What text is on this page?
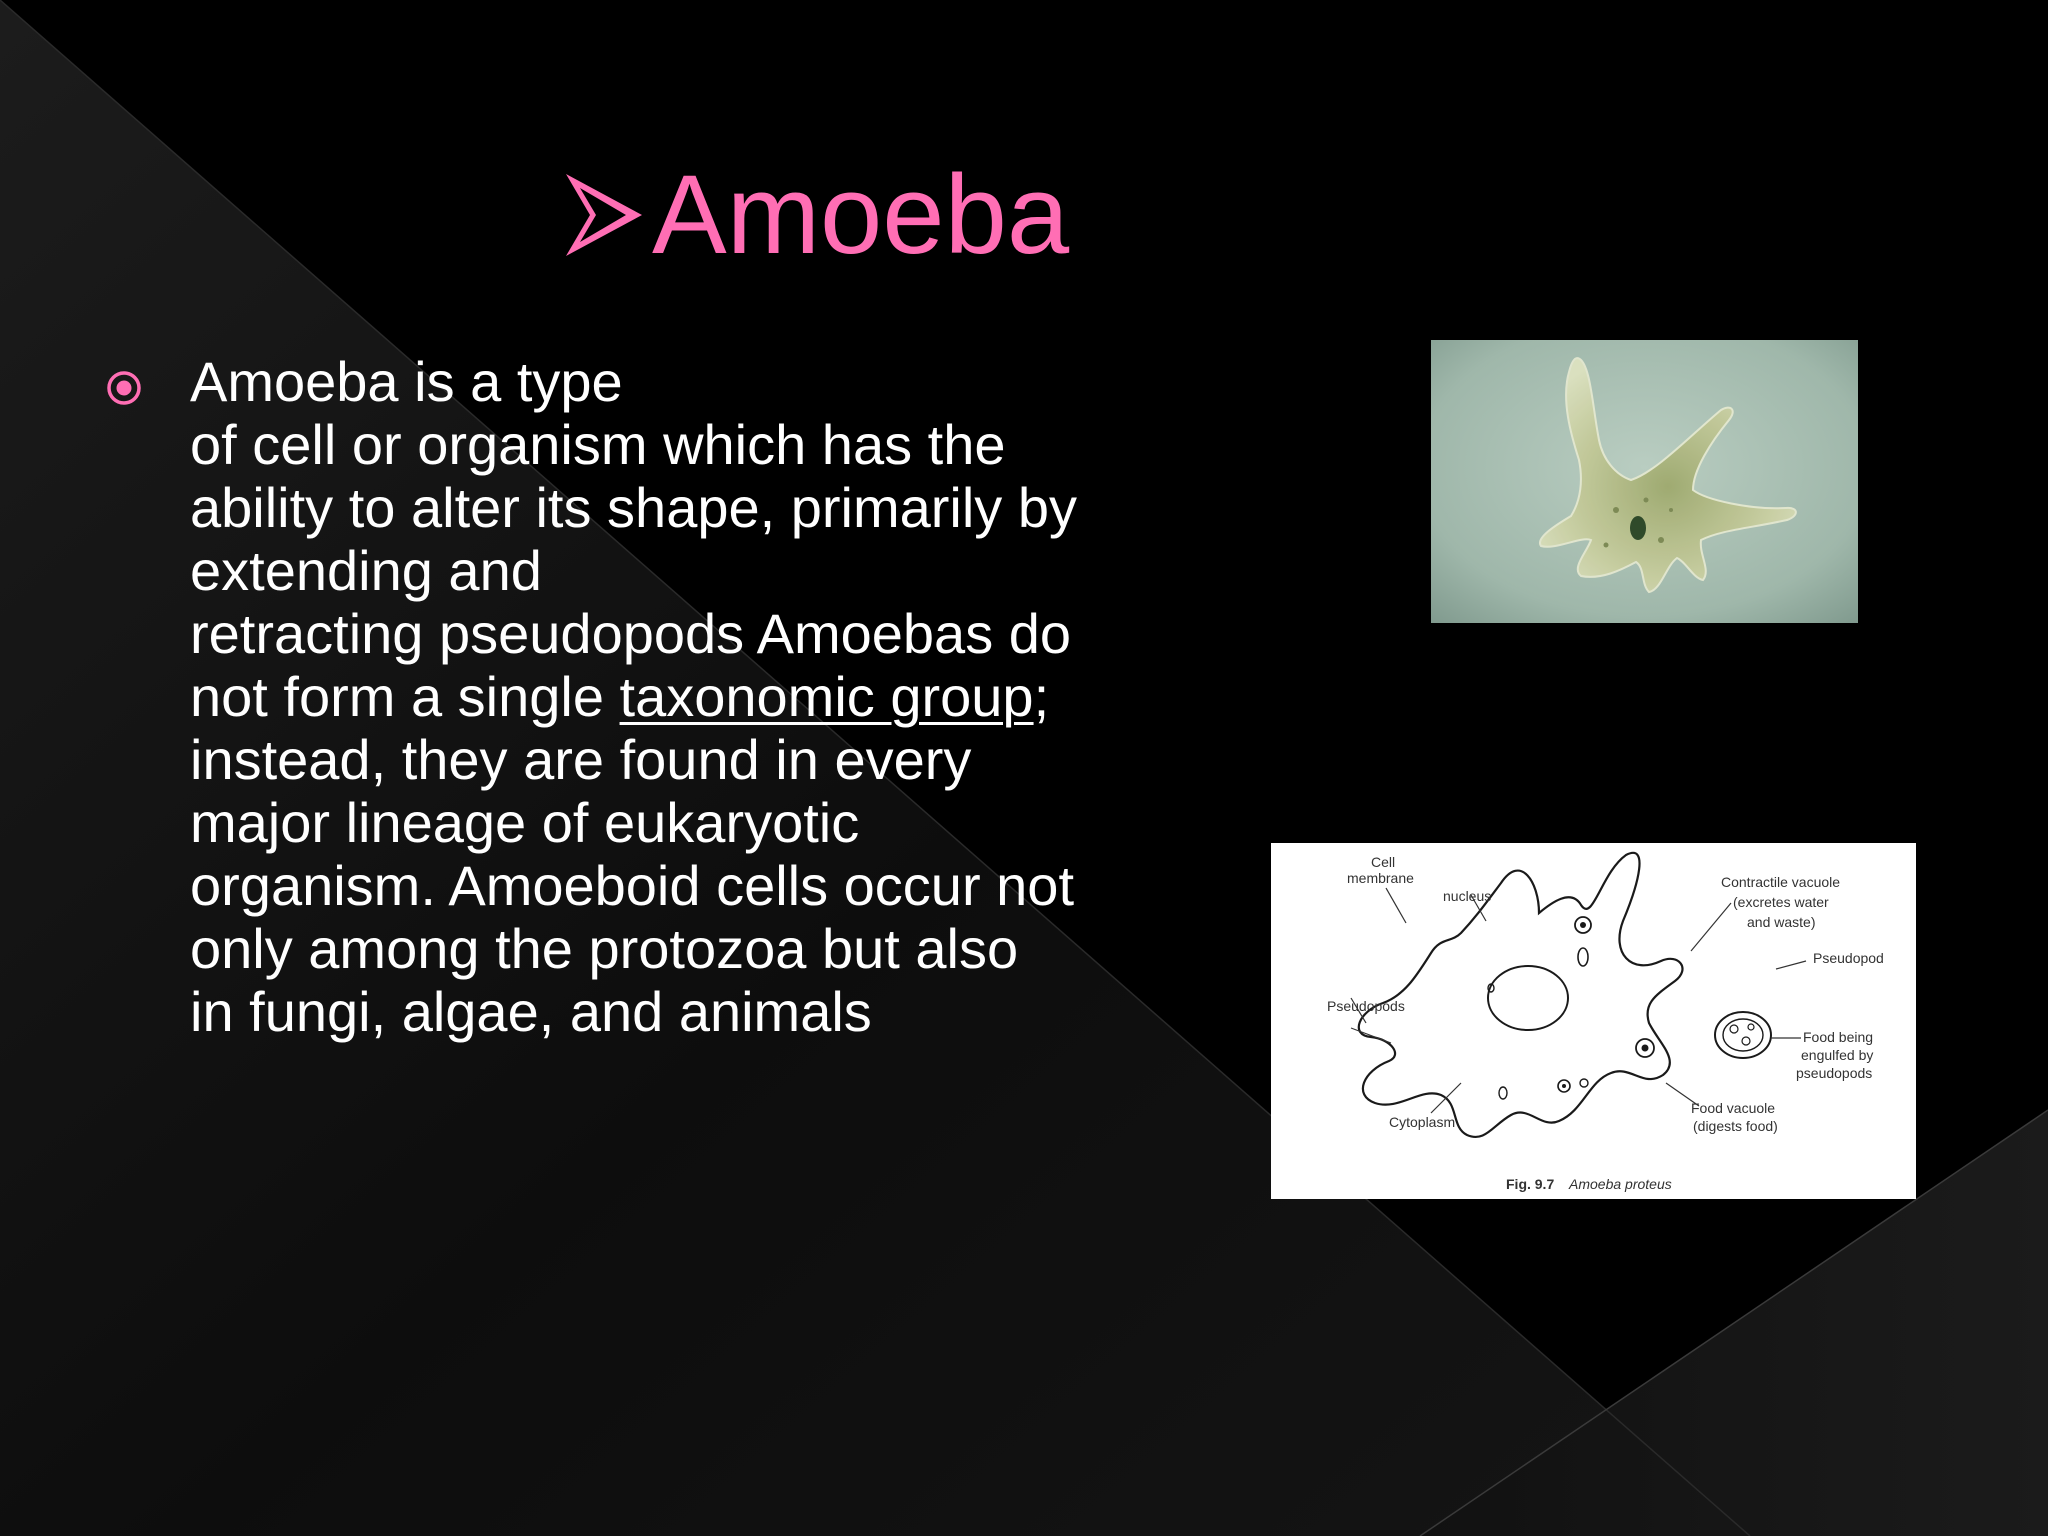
Amoeba
Amoeba is a type
of cell or organism which has the
ability to alter its shape, primarily by
extending and
retracting pseudopods Amoebas do
not form a single taxonomic group;
instead, they are found in every
major lineage of eukaryotic
organism. Amoeboid cells occur not
only among the protozoa but also
in fungi, algae, and animals
Cell
membrane
nucleus
Contractile vacuole
(excretes water
and waste)
Pseudopod
Pseudopods
Food being
engulfed by
pseudopods
Food vacuole
(digests food)
Cytoplasm
Fig. 9.7 Amoeba proteus
